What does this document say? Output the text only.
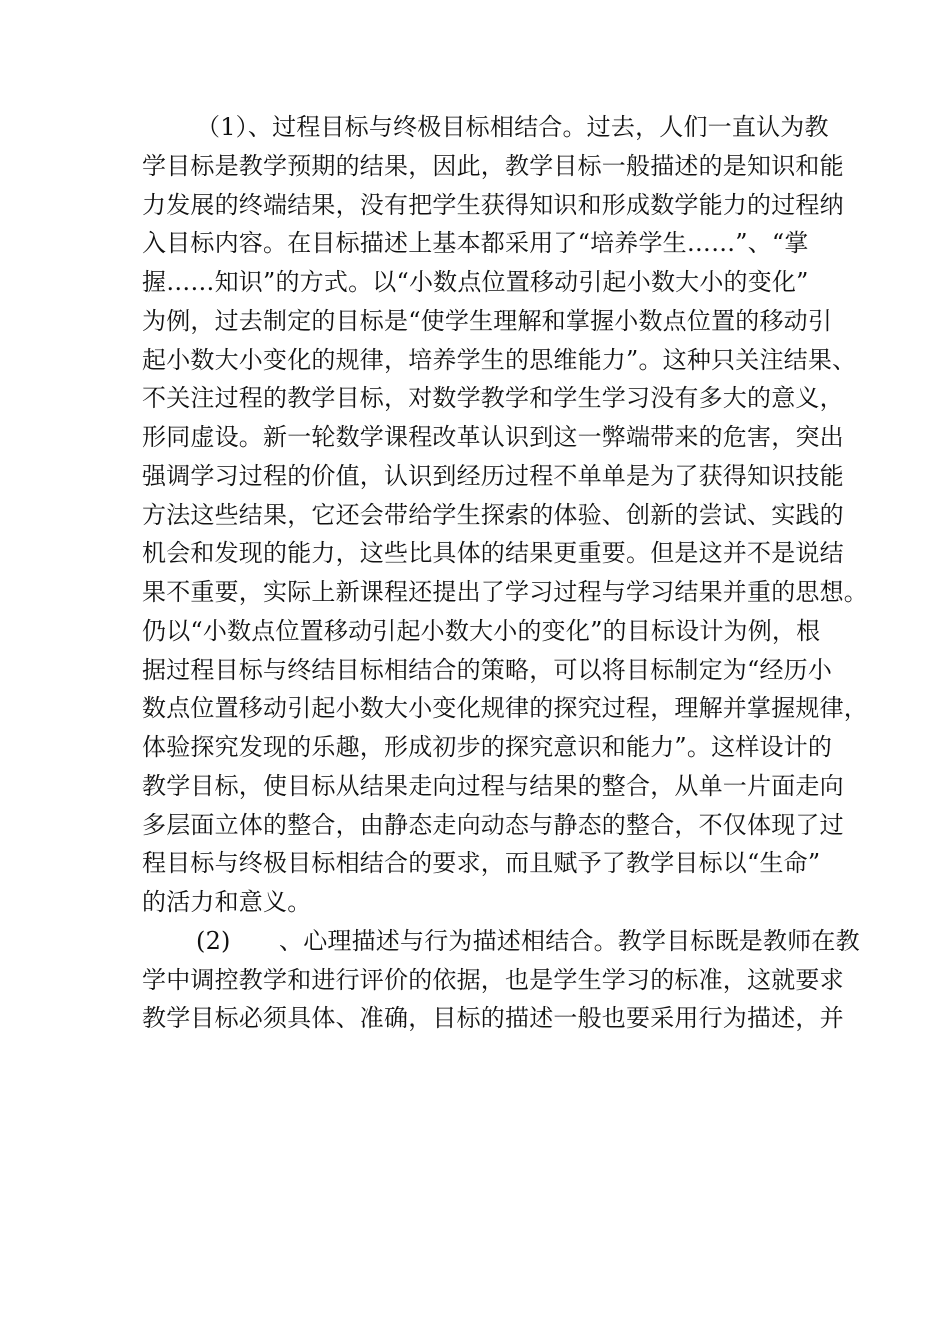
（1）、过程目标与终极目标相结合。过去，人们一直认为教
学目标是教学预期的结果，因此，教学目标一般描述的是知识和能
力发展的终端结果，没有把学生获得知识和形成数学能力的过程纳
入目标内容。在目标描述上基本都采用了“培养学生……”、“掌
握……知识”的方式。以“小数点位置移动引起小数大小的变化”
为例，过去制定的目标是“使学生理解和掌握小数点位置的移动引
起小数大小变化的规律，培养学生的思维能力”。这种只关注结果、
不关注过程的教学目标，对数学教学和学生学习没有多大的意义，
形同虚设。新一轮数学课程改革认识到这一弊端带来的危害，突出
强调学习过程的价值，认识到经历过程不单单是为了获得知识技能
方法这些结果，它还会带给学生探索的体验、创新的尝试、实践的
机会和发现的能力，这些比具体的结果更重要。但是这并不是说结
果不重要，实际上新课程还提出了学习过程与学习结果并重的思想。
仍以“小数点位置移动引起小数大小的变化”的目标设计为例，根
据过程目标与终结目标相结合的策略，可以将目标制定为“经历小
数点位置移动引起小数大小变化规律的探究过程，理解并掌握规律，
体验探究发现的乐趣，形成初步的探究意识和能力”。这样设计的
教学目标，使目标从结果走向过程与结果的整合，从单一片面走向
多层面立体的整合，由静态走向动态与静态的整合，不仅体现了过
程目标与终极目标相结合的要求，而且赋予了教学目标以“生命”
的活力和意义。
(2)　　、心理描述与行为描述相结合。教学目标既是教师在教
学中调控教学和进行评价的依据，也是学生学习的标准，这就要求
教学目标必须具体、准确，目标的描述一般也要采用行为描述，并
